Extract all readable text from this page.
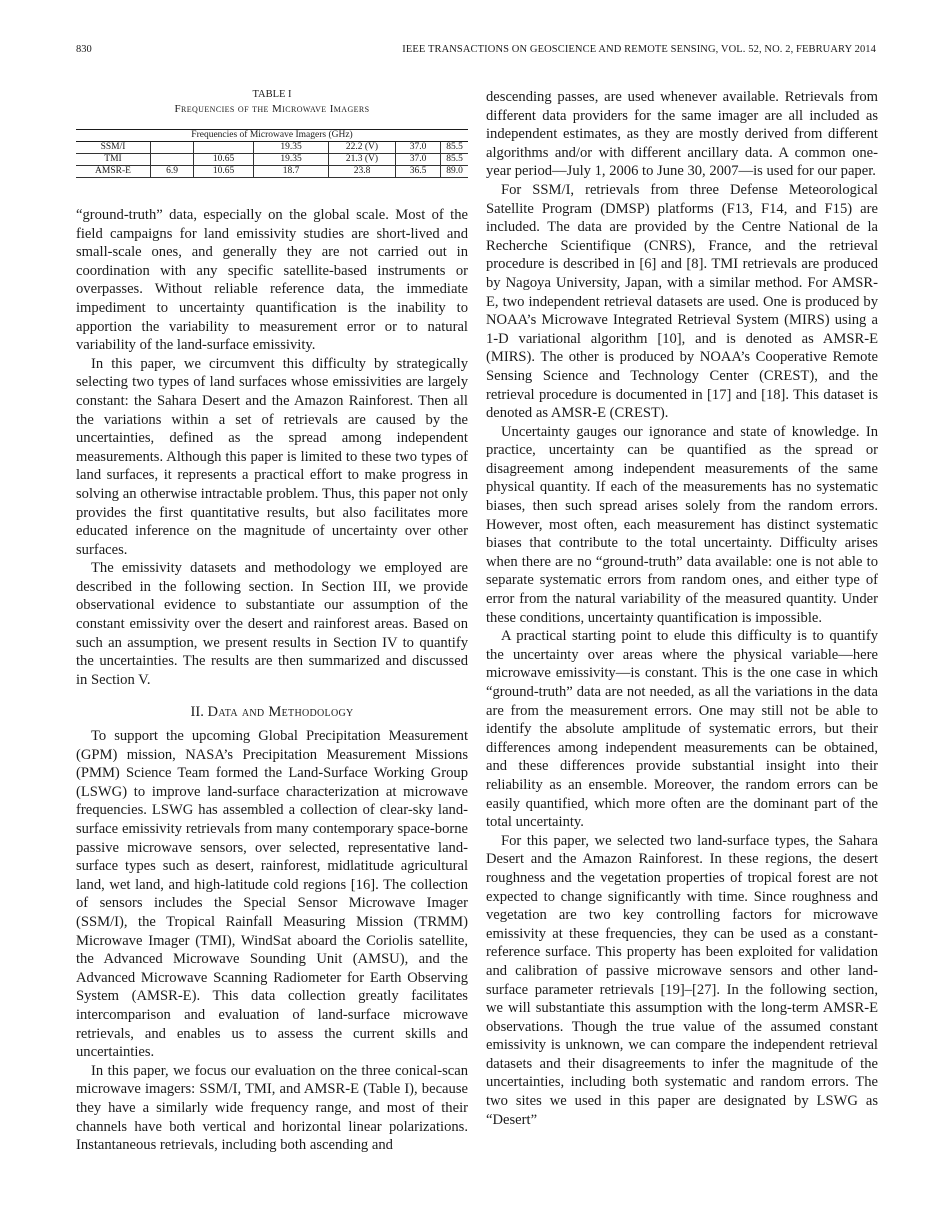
830	IEEE TRANSACTIONS ON GEOSCIENCE AND REMOTE SENSING, VOL. 52, NO. 2, FEBRUARY 2014
TABLE I
Frequencies of the Microwave Imagers
Frequencies of Microwave Imagers (GHz)						
SSM/I			19.35	22.2 (V)	37.0	85.5
TMI		10.65	19.35	21.3 (V)	37.0	85.5
AMSR-E	6.9	10.65	18.7	23.8	36.5	89.0

“ground-truth” data, especially on the global scale. Most of the field campaigns for land emissivity studies are short-lived and small-scale ones, and generally they are not carried out in coordination with any specific satellite-based instruments or overpasses. Without reliable reference data, the immediate impediment to uncertainty quantification is the inability to apportion the variability to measurement error or to natural variability of the land-surface emissivity.

In this paper, we circumvent this difficulty by strategically selecting two types of land surfaces whose emissivities are largely constant: the Sahara Desert and the Amazon Rainforest. Then all the variations within a set of retrievals are caused by the uncertainties, defined as the spread among independent measurements. Although this paper is limited to these two types of land surfaces, it represents a practical effort to make progress in solving an otherwise intractable problem. Thus, this paper not only provides the first quantitative results, but also facilitates more educated inference on the magnitude of uncertainty over other surfaces.

The emissivity datasets and methodology we employed are described in the following section. In Section III, we provide observational evidence to substantiate our assumption of the constant emissivity over the desert and rainforest areas. Based on such an assumption, we present results in Section IV to quantify the uncertainties. The results are then summarized and discussed in Section V.

II. Data and Methodology

To support the upcoming Global Precipitation Measurement (GPM) mission, NASA’s Precipitation Measurement Missions (PMM) Science Team formed the Land-Surface Working Group (LSWG) to improve land-surface characterization at microwave frequencies. LSWG has assembled a collection of clear-sky land-surface emissivity retrievals from many contemporary space-borne passive microwave sensors, over selected, representative land-surface types such as desert, rainforest, midlatitude agricultural land, wet land, and high-latitude cold regions [16]. The collection of sensors includes the Special Sensor Microwave Imager (SSM/I), the Tropical Rainfall Measuring Mission (TRMM) Microwave Imager (TMI), WindSat aboard the Coriolis satellite, the Advanced Microwave Sounding Unit (AMSU), and the Advanced Microwave Scanning Radiometer for Earth Observing System (AMSR-E). This data collection greatly facilitates intercomparison and evaluation of land-surface microwave retrievals, and enables us to assess the current skills and uncertainties.

In this paper, we focus our evaluation on the three conical-scan microwave imagers: SSM/I, TMI, and AMSR-E (Table I), because they have a similarly wide frequency range, and most of their channels have both vertical and horizontal linear polarizations. Instantaneous retrievals, including both ascending and

descending passes, are used whenever available. Retrievals from different data providers for the same imager are all included as independent estimates, as they are mostly derived from different algorithms and/or with different ancillary data. A common one-year period—July 1, 2006 to June 30, 2007—is used for our paper.

For SSM/I, retrievals from three Defense Meteorological Satellite Program (DMSP) platforms (F13, F14, and F15) are included. The data are provided by the Centre National de la Recherche Scientifique (CNRS), France, and the retrieval procedure is described in [6] and [8]. TMI retrievals are produced by Nagoya University, Japan, with a similar method. For AMSR-E, two independent retrieval datasets are used. One is produced by NOAA’s Microwave Integrated Retrieval System (MIRS) using a 1-D variational algorithm [10], and is denoted as AMSR-E (MIRS). The other is produced by NOAA’s Cooperative Remote Sensing Science and Technology Center (CREST), and the retrieval procedure is documented in [17] and [18]. This dataset is denoted as AMSR-E (CREST).

Uncertainty gauges our ignorance and state of knowledge. In practice, uncertainty can be quantified as the spread or disagreement among independent measurements of the same physical quantity. If each of the measurements has no systematic biases, then such spread arises solely from the random errors. However, most often, each measurement has distinct systematic biases that contribute to the total uncertainty. Difficulty arises when there are no “ground-truth” data available: one is not able to separate systematic errors from random ones, and either type of error from the natural variability of the measured quantity. Under these conditions, uncertainty quantification is impossible.

A practical starting point to elude this difficulty is to quantify the uncertainty over areas where the physical variable—here microwave emissivity—is constant. This is the one case in which “ground-truth” data are not needed, as all the variations in the data are from the measurement errors. One may still not be able to identify the absolute amplitude of systematic errors, but their differences among independent measurements can be obtained, and these differences provide substantial insight into their reliability as an ensemble. Moreover, the random errors can be easily quantified, which more often are the dominant part of the total uncertainty.

For this paper, we selected two land-surface types, the Sahara Desert and the Amazon Rainforest. In these regions, the desert roughness and the vegetation properties of tropical forest are not expected to change significantly with time. Since roughness and vegetation are two key controlling factors for microwave emissivity at these frequencies, they can be used as a constant-reference surface. This property has been exploited for validation and calibration of passive microwave sensors and other land-surface parameter retrievals [19]–[27]. In the following section, we will substantiate this assumption with the long-term AMSR-E observations. Though the true value of the assumed constant emissivity is unknown, we can compare the independent retrieval datasets and their disagreements to infer the magnitude of the uncertainties, including both systematic and random errors. The two sites we used in this paper are designated by LSWG as “Desert”
